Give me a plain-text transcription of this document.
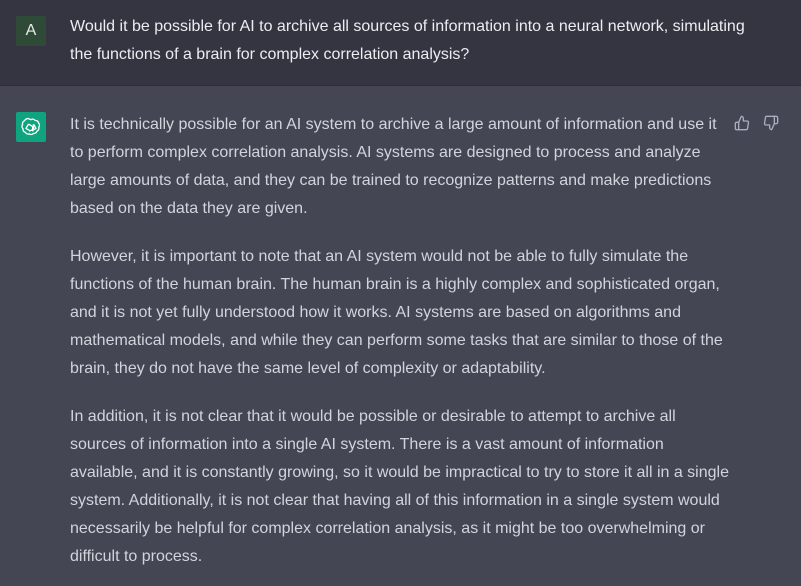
A	Would it be possible for AI to archive all sources of information into a neural network, simulating the functions of a brain for complex correlation analysis?

It is technically possible for an AI system to archive a large amount of information and use it to perform complex correlation analysis. AI systems are designed to process and analyze large amounts of data, and they can be trained to recognize patterns and make predictions based on the data they are given.

However, it is important to note that an AI system would not be able to fully simulate the functions of the human brain. The human brain is a highly complex and sophisticated organ, and it is not yet fully understood how it works. AI systems are based on algorithms and mathematical models, and while they can perform some tasks that are similar to those of the brain, they do not have the same level of complexity or adaptability.

In addition, it is not clear that it would be possible or desirable to attempt to archive all sources of information into a single AI system. There is a vast amount of information available, and it is constantly growing, so it would be impractical to try to store it all in a single system. Additionally, it is not clear that having all of this information in a single system would necessarily be helpful for complex correlation analysis, as it might be too overwhelming or difficult to process.
